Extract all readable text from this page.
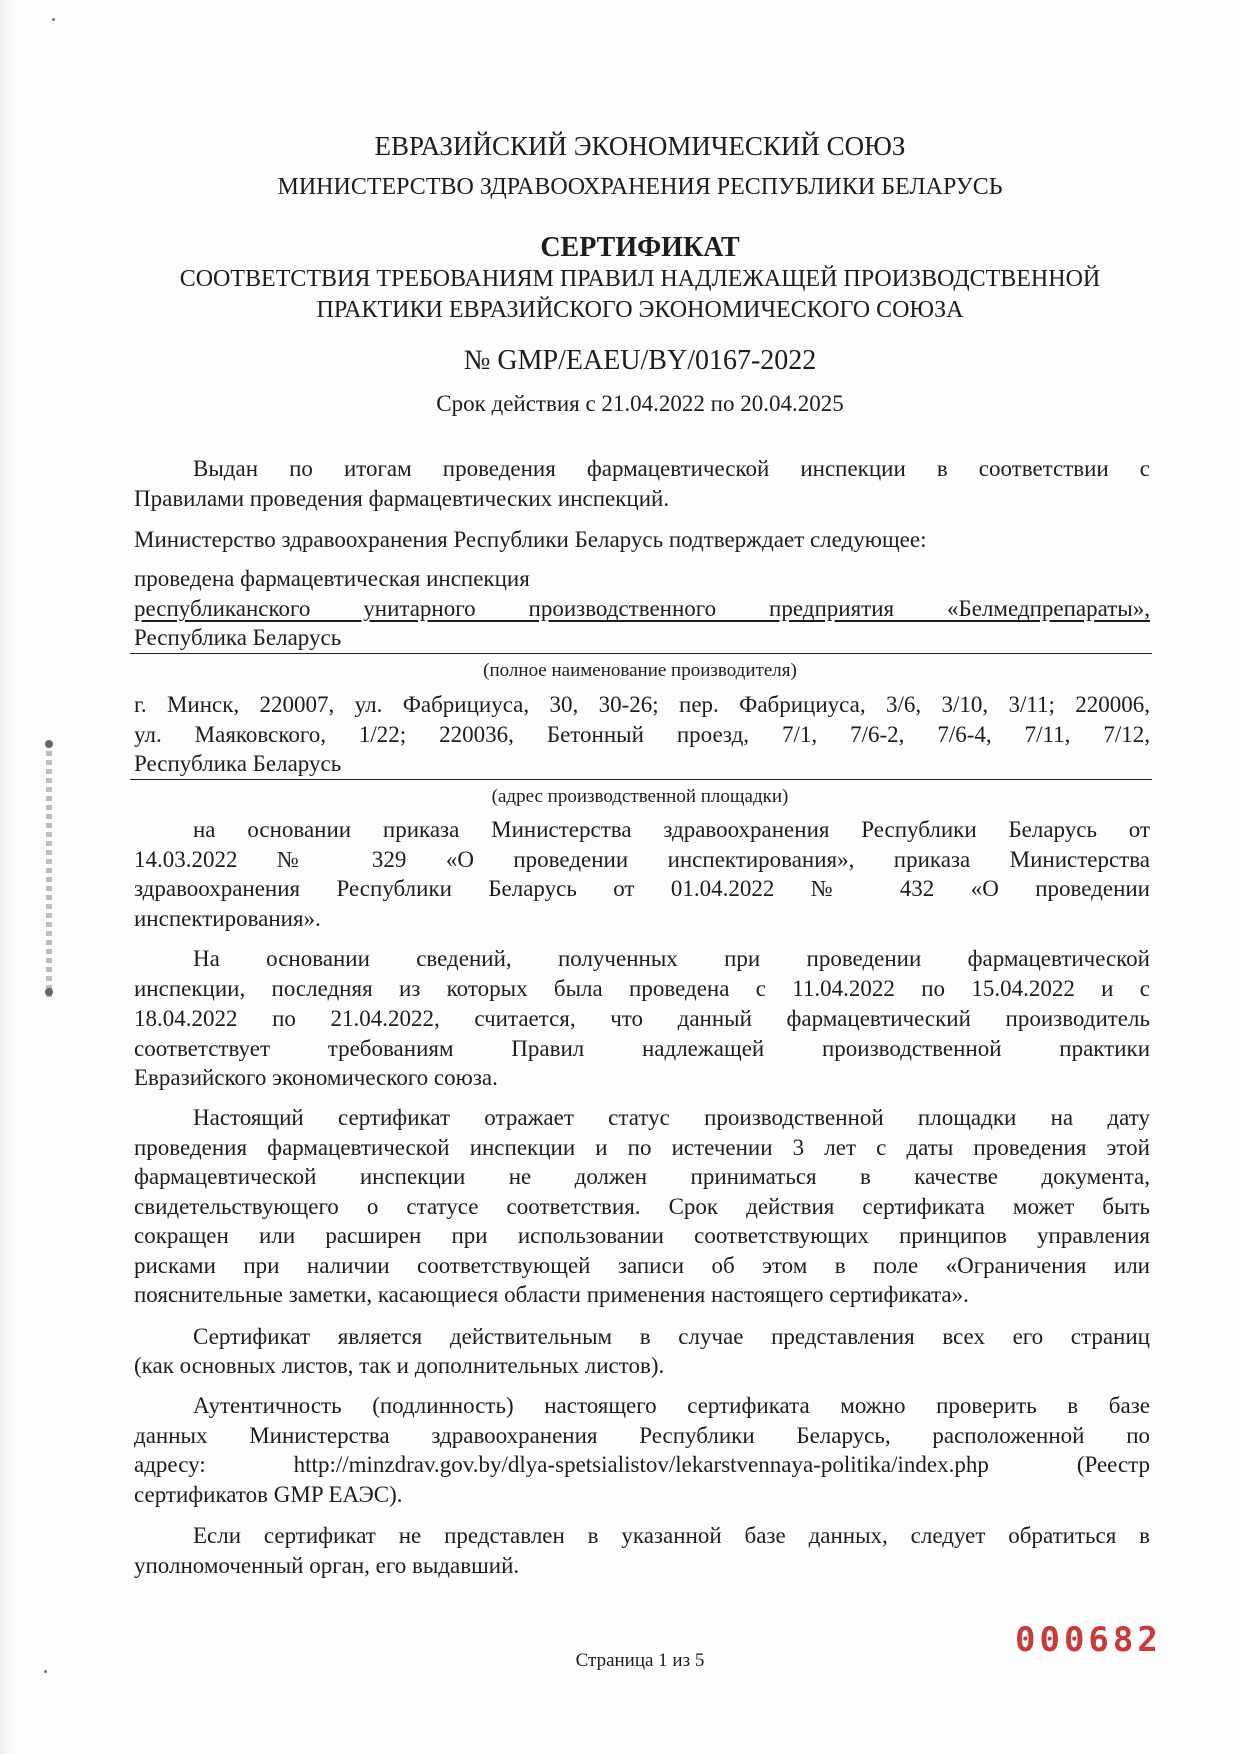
ЕВРАЗИЙСКИЙ ЭКОНОМИЧЕСКИЙ СОЮЗ
МИНИСТЕРСТВО ЗДРАВООХРАНЕНИЯ РЕСПУБЛИКИ БЕЛАРУСЬ
СЕРТИФИКАТ
СООТВЕТСТВИЯ ТРЕБОВАНИЯМ ПРАВИЛ НАДЛЕЖАЩЕЙ ПРОИЗВОДСТВЕННОЙ
ПРАКТИКИ ЕВРАЗИЙСКОГО ЭКОНОМИЧЕСКОГО СОЮЗА
№ GMP/EAEU/BY/0167-2022
Срок действия с 21.04.2022 по 20.04.2025
Выдан по итогам проведения фармацевтической инспекции в соответствии с
Правилами проведения фармацевтических инспекций.
Министерство здравоохранения Республики Беларусь подтверждает следующее:
проведена фармацевтическая инспекция
республиканского унитарного производственного предприятия «Белмедпрепараты»,
Республика Беларусь
(полное наименование производителя)
г. Минск, 220007, ул. Фабрициуса, 30, 30-26; пер. Фабрициуса, 3/6, 3/10, 3/11; 220006,
ул. Маяковского, 1/22; 220036, Бетонный проезд, 7/1, 7/6-2, 7/6-4, 7/11, 7/12,
Республика Беларусь
(адрес производственной площадки)
на основании приказа Министерства здравоохранения Республики Беларусь от
14.03.2022 № 329 «О проведении инспектирования», приказа Министерства
здравоохранения Республики Беларусь от 01.04.2022 № 432 «О проведении
инспектирования».
На основании сведений, полученных при проведении фармацевтической
инспекции, последняя из которых была проведена с 11.04.2022 по 15.04.2022 и с
18.04.2022 по 21.04.2022, считается, что данный фармацевтический производитель
соответствует требованиям Правил надлежащей производственной практики
Евразийского экономического союза.
Настоящий сертификат отражает статус производственной площадки на дату
проведения фармацевтической инспекции и по истечении 3 лет с даты проведения этой
фармацевтической инспекции не должен приниматься в качестве документа,
свидетельствующего о статусе соответствия. Срок действия сертификата может быть
сокращен или расширен при использовании соответствующих принципов управления
рисками при наличии соответствующей записи об этом в поле «Ограничения или
пояснительные заметки, касающиеся области применения настоящего сертификата».
Сертификат является действительным в случае представления всех его страниц
(как основных листов, так и дополнительных листов).
Аутентичность (подлинность) настоящего сертификата можно проверить в базе
данных Министерства здравоохранения Республики Беларусь, расположенной по
адресу: http://minzdrav.gov.by/dlya-spetsialistov/lekarstvennaya-politika/index.php (Реестр
сертификатов GMP ЕАЭС).
Если сертификат не представлен в указанной базе данных, следует обратиться в
уполномоченный орган, его выдавший.
000682
Страница 1 из 5
